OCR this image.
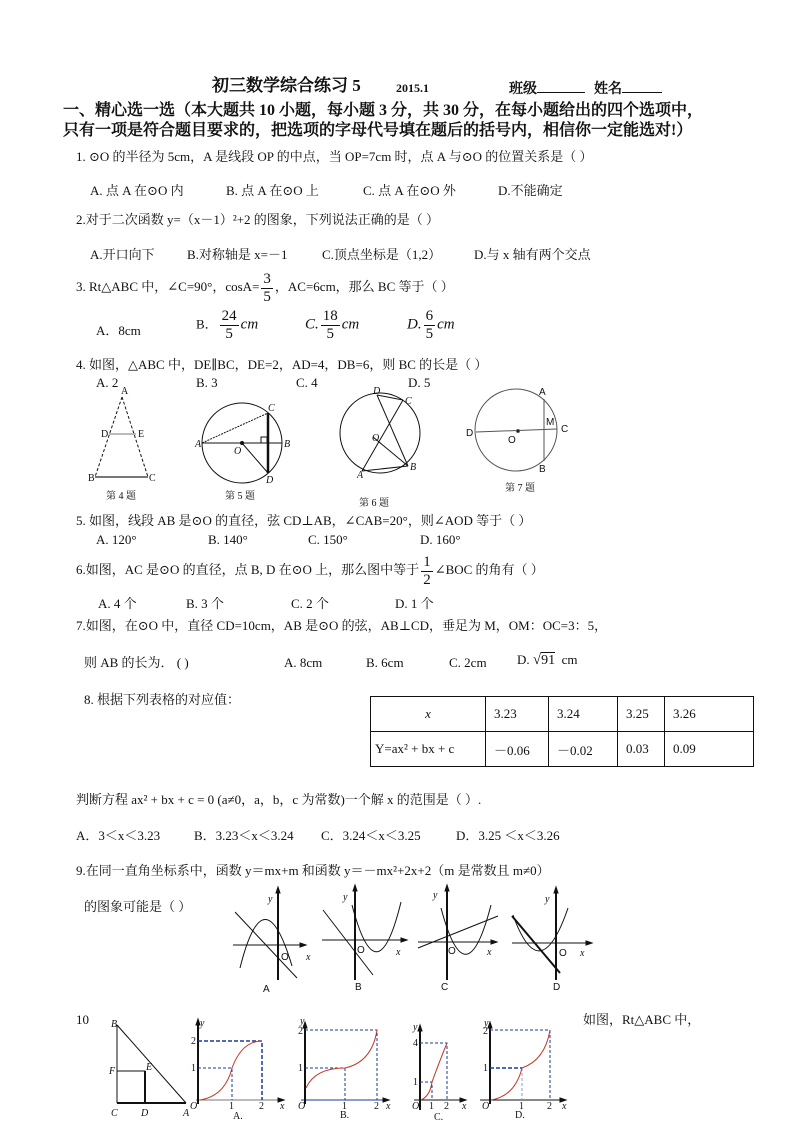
初三数学综合练习 5	2015.1	班级	姓名
一、精心选一选（本大题共 10 小题，每小题 3 分，共 30 分，在每小题给出的四个选项中，
只有一项是符合题目要求的，把选项的字母代号填在题后的括号内，相信你一定能选对!）
1. ⊙O 的半径为 5cm，A 是线段 OP 的中点，当 OP=7cm 时，点 A 与⊙O 的位置关系是（ ）
A. 点 A 在⊙O 内	B. 点 A 在⊙O 上	C. 点 A 在⊙O 外	D.不能确定
2.对于二次函数 y=（x－1）²+2 的图象，下列说法正确的是（ ）
A.开口向下 B.对称轴是 x=－1	C.顶点坐标是（1,2）	D.与 x 轴有两个交点
3. Rt△ABC 中，∠C=90°，$\cos A= \frac{3}{5}$ ，AC=6cm，那么 BC 等于（ ）
A．8cm	B． $\frac{24}{5}$ cm	C. $\frac{18}{5}$ cm	D. $\frac{6}{5}$ cm
4. 如图，△ABC 中，DE∥BC，DE=2，AD=4，DB=6，则 BC 的长是（ ）
A. 2	B. 3	C. 4	D. 5
5. 如图，线段 AB 是⊙O 的直径，弦 CD⊥AB，∠CAB=20°，则∠AOD 等于（ ）
A. 120°	B. 140°	C. 150°	D. 160°
6.如图，AC 是⊙O 的直径，点 B, D 在⊙O 上，那么图中等于 $\frac{1}{2}$ ∠BOC 的角有（ ）
A. 4 个	B. 3 个	C. 2 个	D. 1 个
7.如图，在⊙O 中，直径 CD=10cm，AB 是⊙O 的弦，AB⊥CD，垂足为 M，OM：OC=3：5，
则 AB 的长为． ( )	A. 8cm	B. 6cm	C. 2cm D. √91 cm
8. 根据下列表格的对应值：
x	3.23	3.24	3.25	3.26
Y=ax² + bx + c	－0.06	－0.02	0.03	0.09
判断方程 ax² + bx + c = 0 (a≠0，a，b，c 为常数)一个解 x 的范围是（ ）.
A．3＜x＜3.23	B．3.23＜x＜3.24 C．3.24＜x＜3.25	D．3.25 ＜x＜3.26
9.在同一直角坐标系中，函数 y＝mx+m 和函数 y＝－mx²+2x+2（m 是常数且 m≠0）
的图象可能是（ ）
10	如图，Rt△ABC 中，
A
D	E
B	C
第 4 题
A	B
C
D
O
第 5 题
D
C
O
A
B
第 6 题
A
B
C
D
M
O
第 7 题
y
O x
A
y
O	x
B
y
O	x
C
y
O x
D
B
F	E
C D	A
1
2
1	2
O
y
x
A.
1
2
1	2
O
y
x
B.
1
4
1 2
O
y
x
C.
1
2
1 2
O
y
x
D.
